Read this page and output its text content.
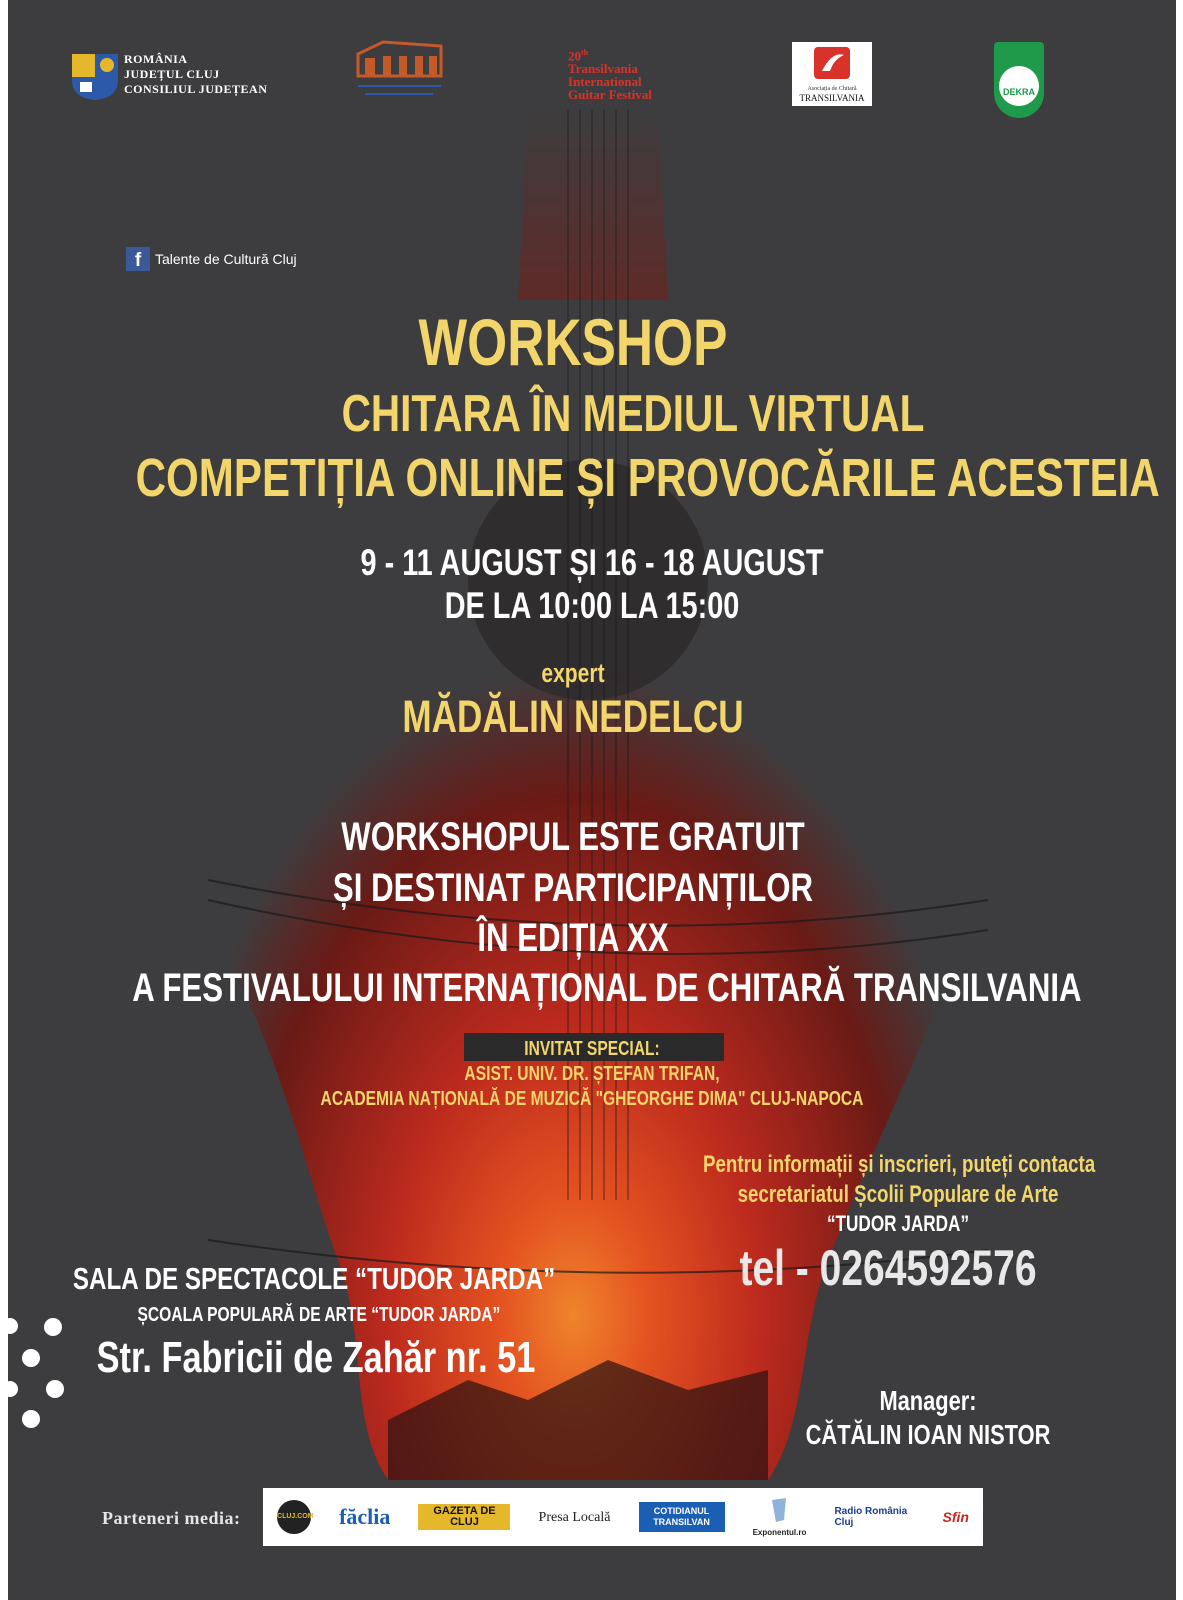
ROMÂNIA
JUDEȚUL CLUJ
CONSILIUL JUDEȚEAN
20th
Transilvania
International
Guitar Festival	Asociația de Chitară
TRANSILVANIA
DEKRA
f Talente de Cultură Cluj
WORKSHOP
CHITARA ÎN MEDIUL VIRTUAL
COMPETIȚIA ONLINE ȘI PROVOCĂRILE ACESTEIA
9 - 11 AUGUST ȘI 16 - 18 AUGUST
DE LA 10:00 LA 15:00
expert
MĂDĂLIN NEDELCU
WORKSHOPUL ESTE GRATUIT
ȘI DESTINAT PARTICIPANȚILOR
ÎN EDIȚIA XX
A FESTIVALULUI INTERNAȚIONAL DE CHITARĂ TRANSILVANIA
INVITAT SPECIAL:
ASIST. UNIV. DR. ȘTEFAN TRIFAN,
ACADEMIA NAȚIONALĂ DE MUZICĂ "GHEORGHE DIMA" CLUJ-NAPOCA
Pentru informații și inscrieri, puteți contacta
secretariatul Școlii Populare de Arte
“TUDOR JARDA”
tel - 0264592576
SALA DE SPECTACOLE “TUDOR JARDA”
ȘCOALA POPULARĂ DE ARTE “TUDOR JARDA”
Str. Fabricii de Zahăr nr. 51
Manager:
CĂTĂLIN IOAN NISTOR
Parteneri media:	CLUJ.COM făclia	GAZETA DE CLUJ	Presa Locală	COTIDIANUL TRANSILVAN
Exponentul.ro
Radio România Cluj	Sfin
